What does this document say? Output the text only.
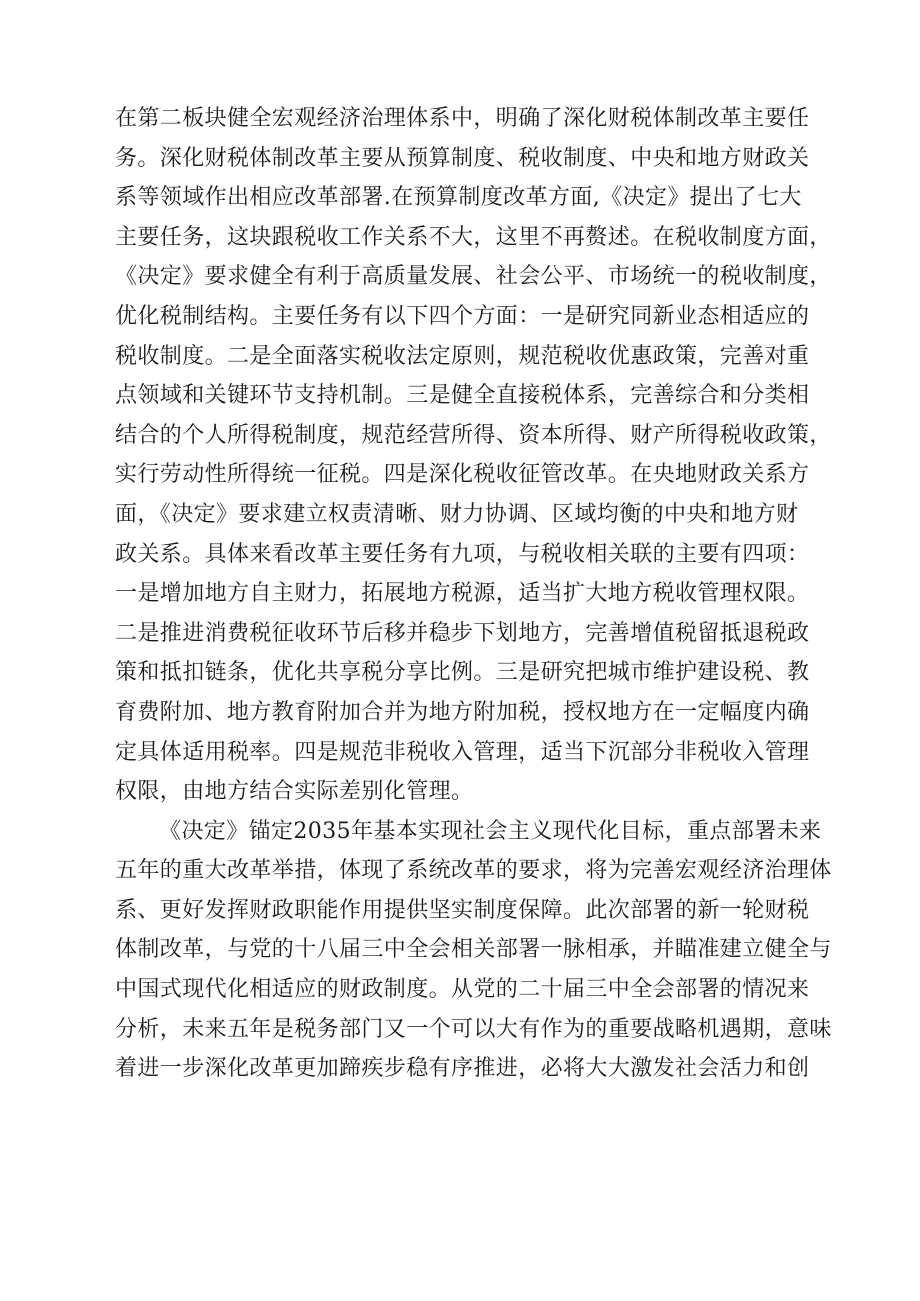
在第二板块健全宏观经济治理体系中，明确了深化财税体制改革主要任
务。深化财税体制改革主要从预算制度、税收制度、中央和地方财政关
系等领域作出相应改革部署.在预算制度改革方面,《决定》提出了七大
主要任务，这块跟税收工作关系不大，这里不再赘述。在税收制度方面，
《决定》要求健全有利于高质量发展、社会公平、市场统一的税收制度，
优化税制结构。主要任务有以下四个方面：一是研究同新业态相适应的
税收制度。二是全面落实税收法定原则，规范税收优惠政策，完善对重
点领域和关键环节支持机制。三是健全直接税体系，完善综合和分类相
结合的个人所得税制度，规范经营所得、资本所得、财产所得税收政策，
实行劳动性所得统一征税。四是深化税收征管改革。在央地财政关系方
面，《决定》要求建立权责清晰、财力协调、区域均衡的中央和地方财
政关系。具体来看改革主要任务有九项，与税收相关联的主要有四项：
一是增加地方自主财力，拓展地方税源，适当扩大地方税收管理权限。
二是推进消费税征收环节后移并稳步下划地方，完善增值税留抵退税政
策和抵扣链条，优化共享税分享比例。三是研究把城市维护建设税、教
育费附加、地方教育附加合并为地方附加税，授权地方在一定幅度内确
定具体适用税率。四是规范非税收入管理，适当下沉部分非税收入管理
权限，由地方结合实际差别化管理。
《决定》锚定2035年基本实现社会主义现代化目标，重点部署未来
五年的重大改革举措，体现了系统改革的要求，将为完善宏观经济治理体
系、更好发挥财政职能作用提供坚实制度保障。此次部署的新一轮财税
体制改革，与党的十八届三中全会相关部署一脉相承，并瞄准建立健全与
中国式现代化相适应的财政制度。从党的二十届三中全会部署的情况来
分析，未来五年是税务部门又一个可以大有作为的重要战略机遇期，意味
着进一步深化改革更加蹄疾步稳有序推进，必将大大激发社会活力和创
